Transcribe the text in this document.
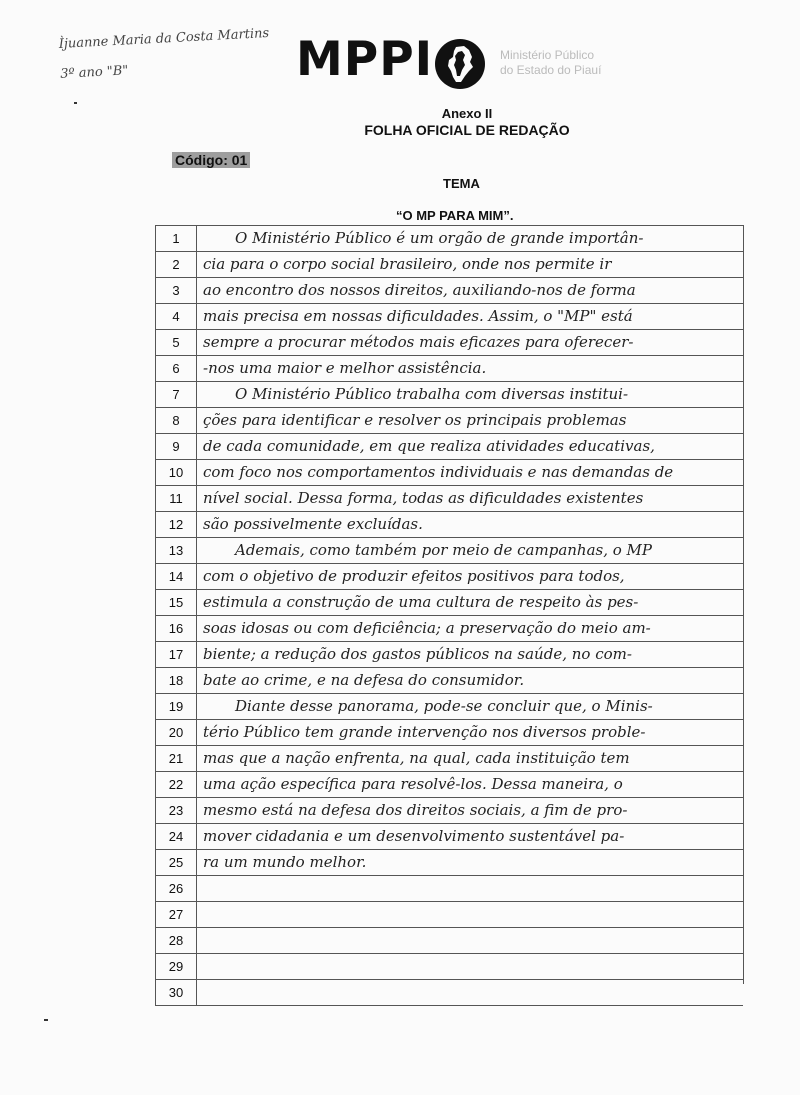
Ìjuanne Maria da Costa Martins
3º ano "B"	MPPI	Ministério Público
do Estado do Piauí
Anexo II
FOLHA OFICIAL DE REDAÇÃO
Código: 01
TEMA
“O MP PARA MIM”.
1	O Ministério Público é um orgão de grande importân-
2	cia para o corpo social brasileiro, onde nos permite ir
3	ao encontro dos nossos direitos, auxiliando-nos de forma
4	mais precisa em nossas dificuldades. Assim, o "MP" está
5	sempre a procurar métodos mais eficazes para oferecer-
6	-nos uma maior e melhor assistência.
7	O Ministério Público trabalha com diversas institui-
8	ções para identificar e resolver os principais problemas
9	de cada comunidade, em que realiza atividades educativas,
10	com foco nos comportamentos individuais e nas demandas de
11	nível social. Dessa forma, todas as dificuldades existentes
12	são possivelmente excluídas.
13	Ademais, como também por meio de campanhas, o MP
14	com o objetivo de produzir efeitos positivos para todos,
15	estimula a construção de uma cultura de respeito às pes-
16	soas idosas ou com deficiência; a preservação do meio am-
17	biente; a redução dos gastos públicos na saúde, no com-
18	bate ao crime, e na defesa do consumidor.
19	Diante desse panorama, pode-se concluir que, o Minis-
20	tério Público tem grande intervenção nos diversos proble-
21	mas que a nação enfrenta, na qual, cada instituição tem
22	uma ação específica para resolvê-los. Dessa maneira, o
23	mesmo está na defesa dos direitos sociais, a fim de pro-
24	mover cidadania e um desenvolvimento sustentável pa-
25	ra um mundo melhor.
26
27
28
29
30
